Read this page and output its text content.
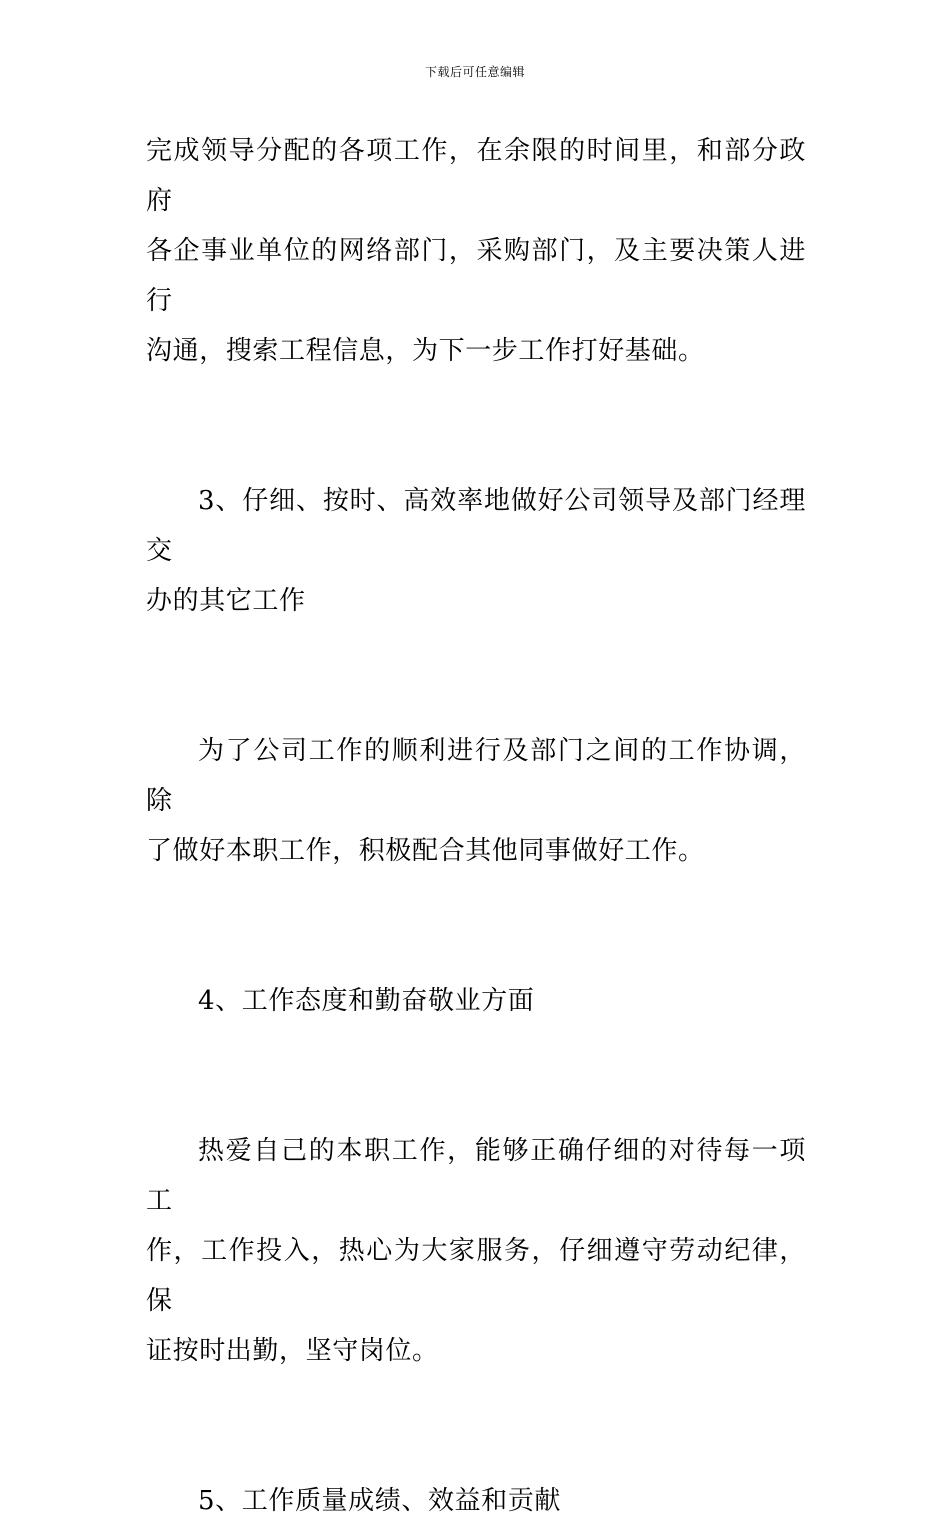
下载后可任意编辑

完成领导分配的各项工作，在余限的时间里，和部分政府
各企事业单位的网络部门，采购部门，及主要决策人进行
沟通，搜索工程信息，为下一步工作打好基础。

3、仔细、按时、高效率地做好公司领导及部门经理交
办的其它工作

为了公司工作的顺利进行及部门之间的工作协调，除
了做好本职工作，积极配合其他同事做好工作。

4、工作态度和勤奋敬业方面

热爱自己的本职工作，能够正确仔细的对待每一项工
作，工作投入，热心为大家服务，仔细遵守劳动纪律，保
证按时出勤，坚守岗位。

5、工作质量成绩、效益和贡献
